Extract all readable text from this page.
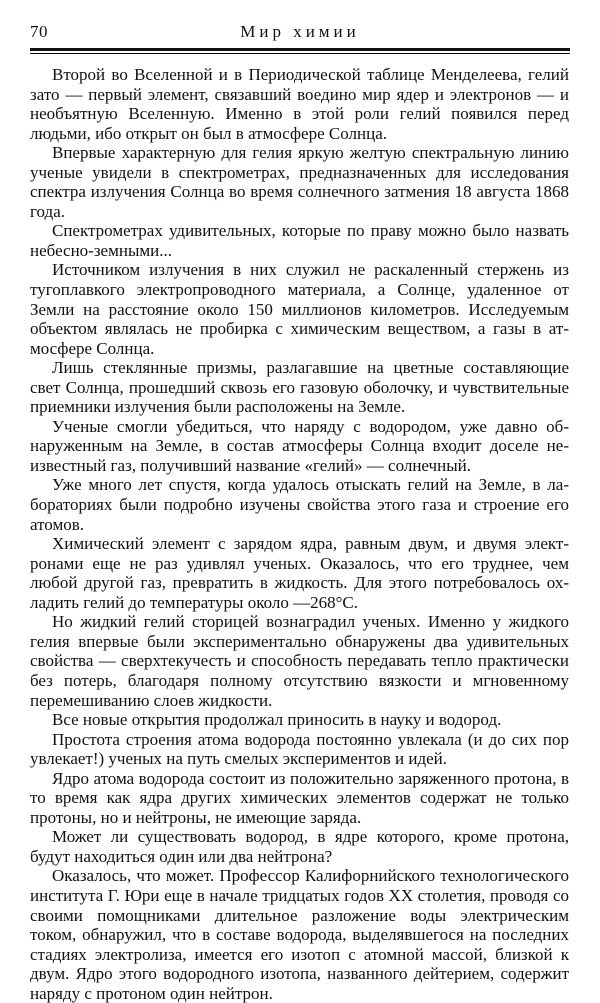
70	Мир химии

Второй во Вселенной и в Периодической таблице Менделеева, гелий зато — первый элемент, связавший воедино мир ядер и электронов — и необъятную Вселенную. Именно в этой роли гелий появился перед людьми, ибо открыт он был в атмосфере Солнца.

Впервые характерную для гелия яркую желтую спектральную линию ученые увидели в спектрометрах, предназначенных для исследования спектра излучения Солнца во время солнечного затмения 18 августа 1868 года.

Спектрометрах удивительных, которые по праву можно было назвать небесно-земными...

Источником излучения в них служил не раскаленный стержень из тугоплавкого электропроводного материала, а Солнце, удаленное от Земли на расстояние около 150 миллионов километров. Исследуемым объектом являлась не пробирка с химическим веществом, а газы в атмосфере Солнца.

Лишь стеклянные призмы, разлагавшие на цветные составляющие свет Солнца, прошедший сквозь его газовую оболочку, и чувствительные приемники излучения были расположены на Земле.

Ученые смогли убедиться, что наряду с водородом, уже давно обнаруженным на Земле, в состав атмосферы Солнца входит доселе неизвестный газ, получивший название «гелий» — солнечный.

Уже много лет спустя, когда удалось отыскать гелий на Земле, в лабораториях были подробно изучены свойства этого газа и строение его атомов.

Химический элемент с зарядом ядра, равным двум, и двумя электронами еще не раз удивлял ученых. Оказалось, что его труднее, чем любой другой газ, превратить в жидкость. Для этого потребовалось охладить гелий до температуры около —268°С.

Но жидкий гелий сторицей вознаградил ученых. Именно у жидкого гелия впервые были экспериментально обнаружены два удивительных свойства — сверхтекучесть и способность передавать тепло практически без потерь, благодаря полному отсутствию вязкости и мгновенному перемешиванию слоев жидкости.

Все новые открытия продолжал приносить в науку и водород.

Простота строения атома водорода постоянно увлекала (и до сих пор увлекает!) ученых на путь смелых экспериментов и идей.

Ядро атома водорода состоит из положительно заряженного протона, в то время как ядра других химических элементов содержат не только протоны, но и нейтроны, не имеющие заряда.

Может ли существовать водород, в ядре которого, кроме протона, будут находиться один или два нейтрона?

Оказалось, что может. Профессор Калифорнийского технологического института Г. Юри еще в начале тридцатых годов XX столетия, проводя со своими помощниками длительное разложение воды электрическим током, обнаружил, что в составе водорода, выделявшегося на последних стадиях электролиза, имеется его изотоп с атомной массой, близкой к двум. Ядро этого водородного изотопа, названного дейтерием, содержит наряду с протоном один нейтрон.
